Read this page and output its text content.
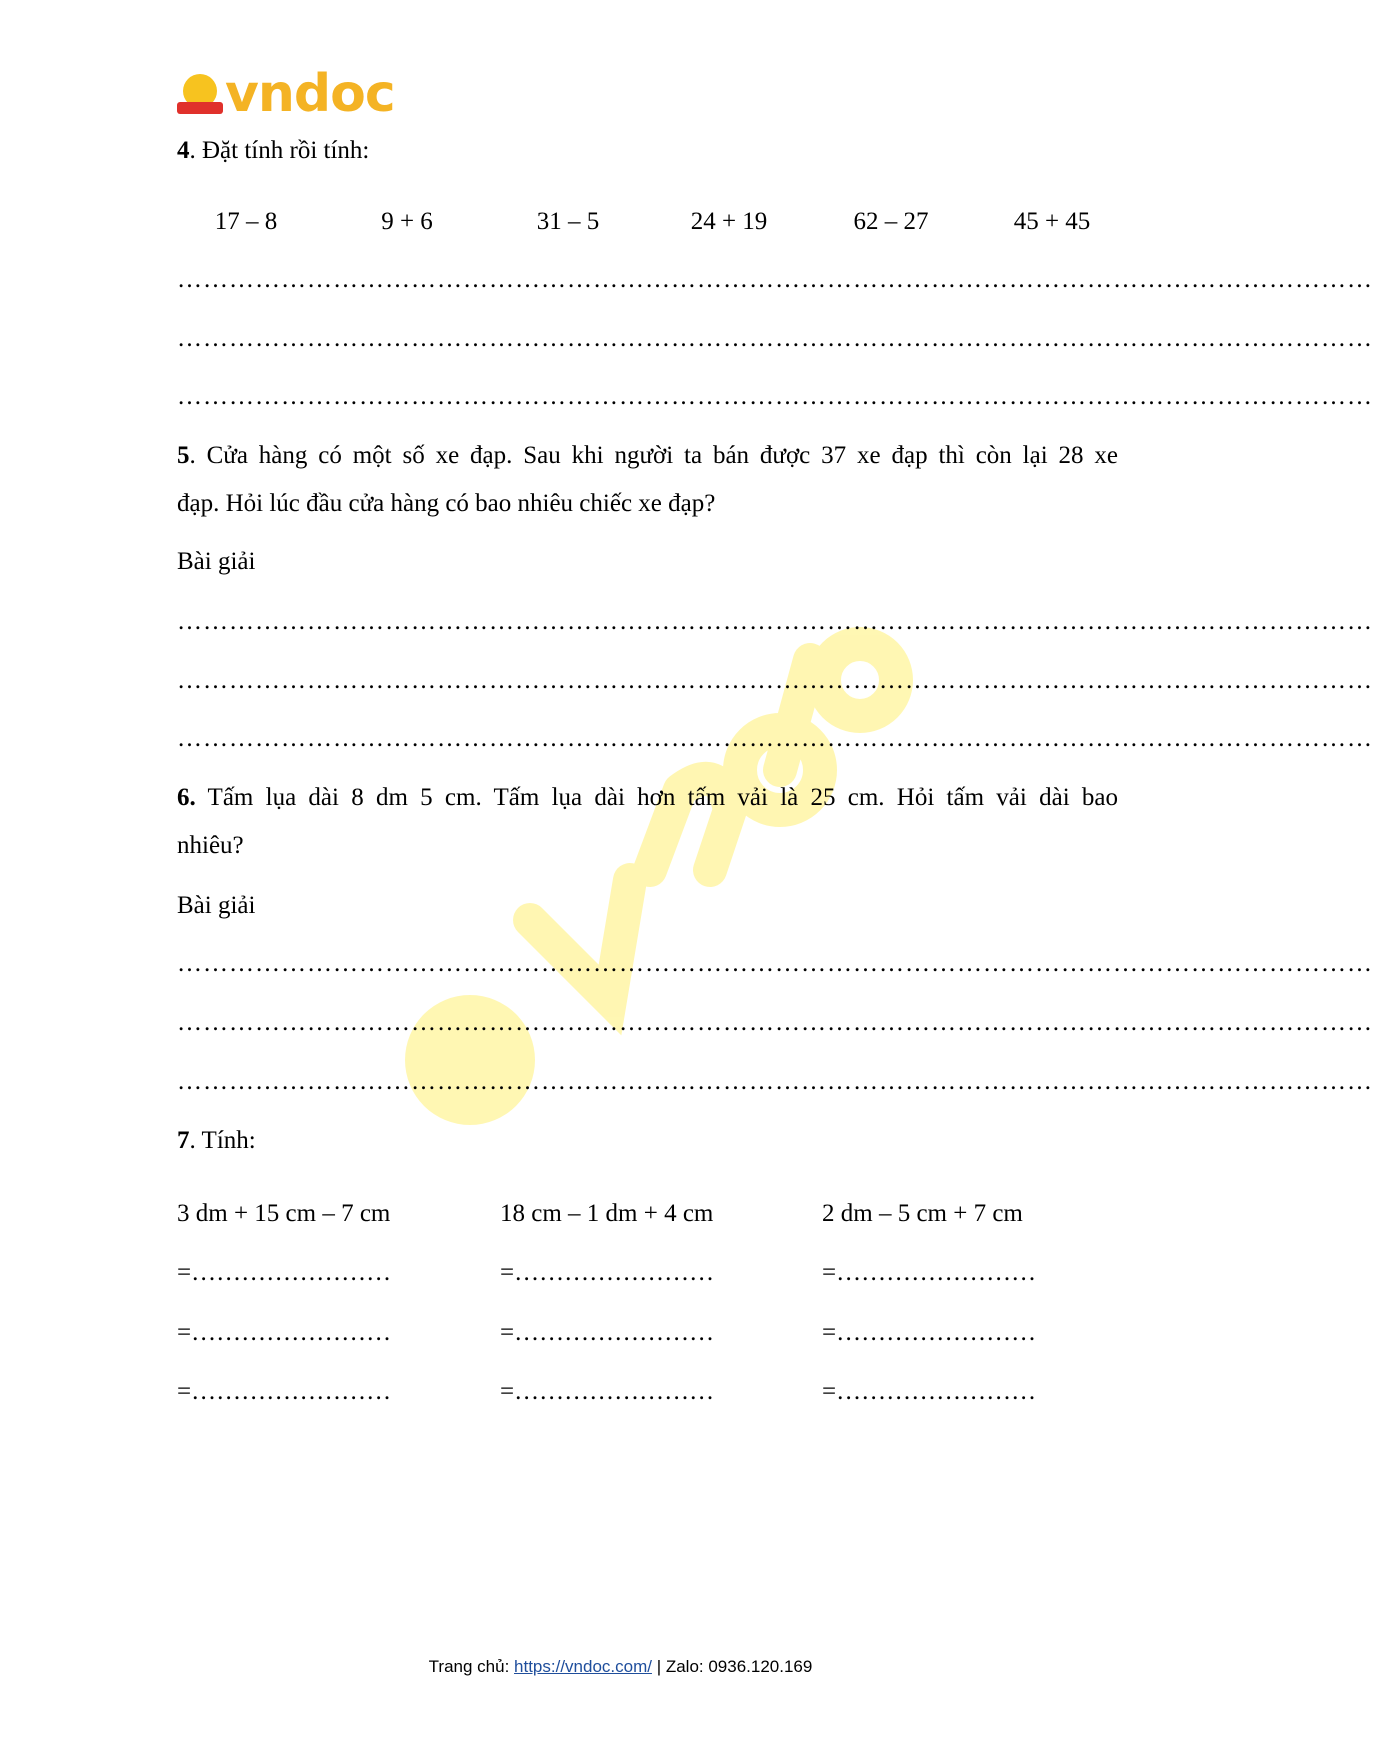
vndoc
4. Đặt tính rồi tính:
17 – 8	9 + 6	31 – 5	24 + 19	62 – 27	45 + 45
…………………………………………………………………………………………………………………………
…………………………………………………………………………………………………………………………
…………………………………………………………………………………………………………………………
5. Cửa hàng có một số xe đạp. Sau khi người ta bán được 37 xe đạp thì còn lại 28 xe
đạp. Hỏi lúc đầu cửa hàng có bao nhiêu chiếc xe đạp?
Bài giải
…………………………………………………………………………………………………………………………
…………………………………………………………………………………………………………………………
…………………………………………………………………………………………………………………………
6. Tấm lụa dài 8 dm 5 cm. Tấm lụa dài hơn tấm vải là 25 cm. Hỏi tấm vải dài bao
nhiêu?
Bài giải
…………………………………………………………………………………………………………………………
…………………………………………………………………………………………………………………………
…………………………………………………………………………………………………………………………
7. Tính:
3 dm + 15 cm – 7 cm	18 cm – 1 dm + 4 cm	2 dm – 5 cm + 7 cm
=……………………	=……………………	=……………………
=……………………	=……………………	=……………………
=……………………	=……………………	=……………………
Trang chủ: https://vndoc.com/ | Zalo: 0936.120.169
